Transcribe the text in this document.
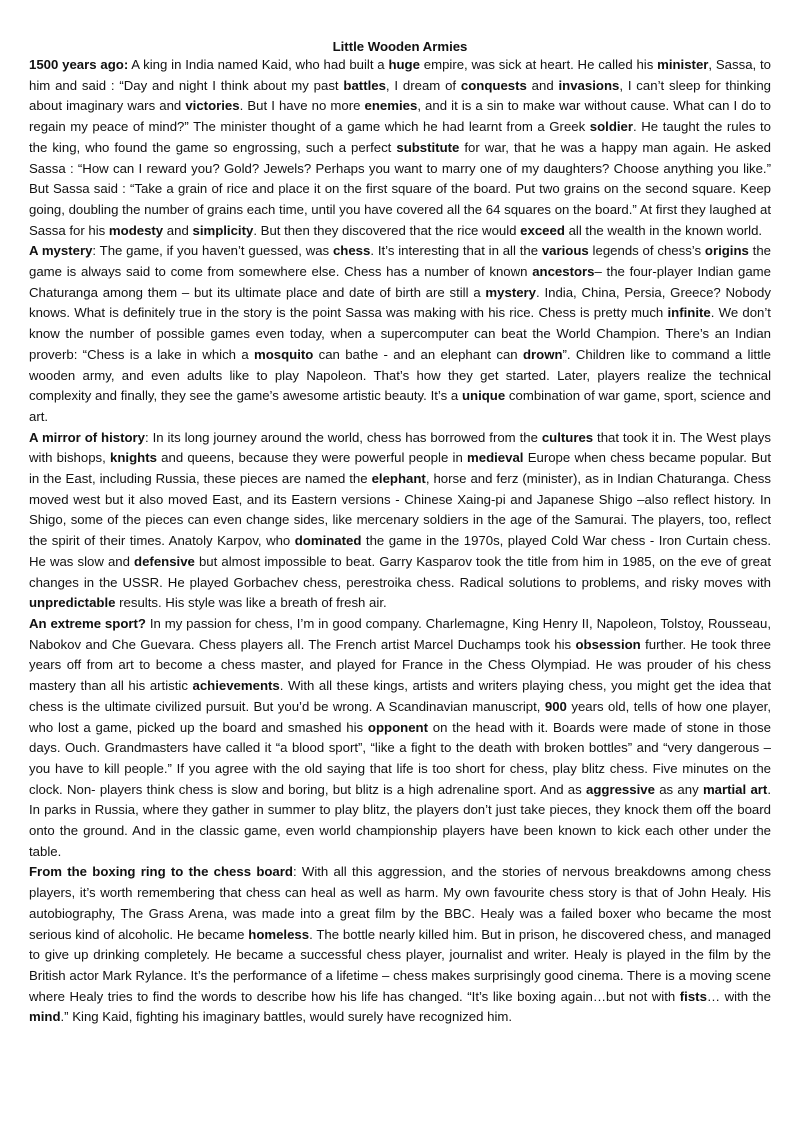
Little Wooden Armies

1500 years ago: A king in India named Kaid, who had built a huge empire, was sick at heart. He called his minister, Sassa, to him and said : “Day and night I think about my past battles, I dream of conquests and invasions, I can’t sleep for thinking about imaginary wars and victories. But I have no more enemies, and it is a sin to make war without cause. What can I do to regain my peace of mind?” The minister thought of a game which he had learnt from a Greek soldier. He taught the rules to the king, who found the game so engrossing, such a perfect substitute for war, that he was a happy man again. He asked Sassa : “How can I reward you? Gold? Jewels? Perhaps you want to marry one of my daughters? Choose anything you like.” But Sassa said : “Take a grain of rice and place it on the first square of the board. Put two grains on the second square. Keep going, doubling the number of grains each time, until you have covered all the 64 squares on the board.” At first they laughed at Sassa for his modesty and simplicity. But then they discovered that the rice would exceed all the wealth in the known world.

A mystery: The game, if you haven’t guessed, was chess. It’s interesting that in all the various legends of chess’s origins the game is always said to come from somewhere else. Chess has a number of known ancestors– the four-player Indian game Chaturanga among them – but its ultimate place and date of birth are still a mystery. India, China, Persia, Greece? Nobody knows. What is definitely true in the story is the point Sassa was making with his rice. Chess is pretty much infinite. We don’t know the number of possible games even today, when a supercomputer can beat the World Champion. There’s an Indian proverb: “Chess is a lake in which a mosquito can bathe - and an elephant can drown”. Children like to command a little wooden army, and even adults like to play Napoleon. That’s how they get started. Later, players realize the technical complexity and finally, they see the game’s awesome artistic beauty. It’s a unique combination of war game, sport, science and art.

A mirror of history: In its long journey around the world, chess has borrowed from the cultures that took it in. The West plays with bishops, knights and queens, because they were powerful people in medieval Europe when chess became popular. But in the East, including Russia, these pieces are named the elephant, horse and ferz (minister), as in Indian Chaturanga. Chess moved west but it also moved East, and its Eastern versions - Chinese Xaing-pi and Japanese Shigo –also reflect history. In Shigo, some of the pieces can even change sides, like mercenary soldiers in the age of the Samurai. The players, too, reflect the spirit of their times. Anatoly Karpov, who dominated the game in the 1970s, played Cold War chess - Iron Curtain chess. He was slow and defensive but almost impossible to beat. Garry Kasparov took the title from him in 1985, on the eve of great changes in the USSR. He played Gorbachev chess, perestroika chess. Radical solutions to problems, and risky moves with unpredictable results. His style was like a breath of fresh air.

An extreme sport? In my passion for chess, I’m in good company. Charlemagne, King Henry II, Napoleon, Tolstoy, Rousseau, Nabokov and Che Guevara. Chess players all. The French artist Marcel Duchamps took his obsession further. He took three years off from art to become a chess master, and played for France in the Chess Olympiad. He was prouder of his chess mastery than all his artistic achievements. With all these kings, artists and writers playing chess, you might get the idea that chess is the ultimate civilized pursuit. But you’d be wrong. A Scandinavian manuscript, 900 years old, tells of how one player, who lost a game, picked up the board and smashed his opponent on the head with it. Boards were made of stone in those days. Ouch. Grandmasters have called it “a blood sport”, “like a fight to the death with broken bottles” and “very dangerous – you have to kill people.” If you agree with the old saying that life is too short for chess, play blitz chess. Five minutes on the clock. Non- players think chess is slow and boring, but blitz is a high adrenaline sport. And as aggressive as any martial art. In parks in Russia, where they gather in summer to play blitz, the players don’t just take pieces, they knock them off the board onto the ground. And in the classic game, even world championship players have been known to kick each other under the table.

From the boxing ring to the chess board: With all this aggression, and the stories of nervous breakdowns among chess players, it’s worth remembering that chess can heal as well as harm. My own favourite chess story is that of John Healy. His autobiography, The Grass Arena, was made into a great film by the BBC. Healy was a failed boxer who became the most serious kind of alcoholic. He became homeless. The bottle nearly killed him. But in prison, he discovered chess, and managed to give up drinking completely. He became a successful chess player, journalist and writer. Healy is played in the film by the British actor Mark Rylance. It’s the performance of a lifetime – chess makes surprisingly good cinema. There is a moving scene where Healy tries to find the words to describe how his life has changed. “It’s like boxing again…but not with fists… with the mind.” King Kaid, fighting his imaginary battles, would surely have recognized him.
